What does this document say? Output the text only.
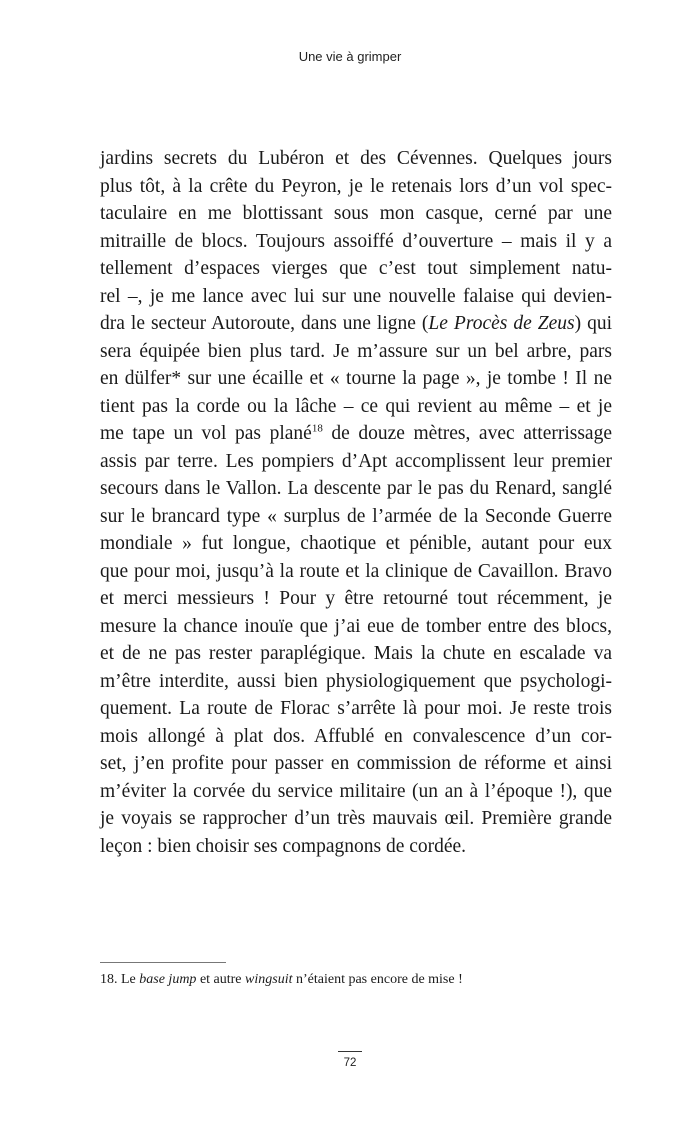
Une vie à grimper
jardins secrets du Lubéron et des Cévennes. Quelques jours
plus tôt, à la crête du Peyron, je le retenais lors d’un vol spec-
taculaire en me blottissant sous mon casque, cerné par une
mitraille de blocs. Toujours assoiffé d’ouverture – mais il y a
tellement d’espaces vierges que c’est tout simplement natu-
rel –, je me lance avec lui sur une nouvelle falaise qui devien-
dra le secteur Autoroute, dans une ligne (Le Procès de Zeus) qui
sera équipée bien plus tard. Je m’assure sur un bel arbre, pars
en dülfer* sur une écaille et « tourne la page », je tombe ! Il ne
tient pas la corde ou la lâche – ce qui revient au même – et je
me tape un vol pas plané$^{18}$ de douze mètres, avec atterrissage
assis par terre. Les pompiers d’Apt accomplissent leur premier
secours dans le Vallon. La descente par le pas du Renard, sanglé
sur le brancard type « surplus de l’armée de la Seconde Guerre
mondiale » fut longue, chaotique et pénible, autant pour eux
que pour moi, jusqu’à la route et la clinique de Cavaillon. Bravo
et merci messieurs ! Pour y être retourné tout récemment, je
mesure la chance inouïe que j’ai eue de tomber entre des blocs,
et de ne pas rester paraplégique. Mais la chute en escalade va
m’être interdite, aussi bien physiologiquement que psychologi-
quement. La route de Florac s’arrête là pour moi. Je reste trois
mois allongé à plat dos. Affublé en convalescence d’un cor-
set, j’en profite pour passer en commission de réforme et ainsi
m’éviter la corvée du service militaire (un an à l’époque !), que
je voyais se rapprocher d’un très mauvais œil. Première grande
leçon : bien choisir ses compagnons de cordée.
18. Le base jump et autre wingsuit n’étaient pas encore de mise !
72
